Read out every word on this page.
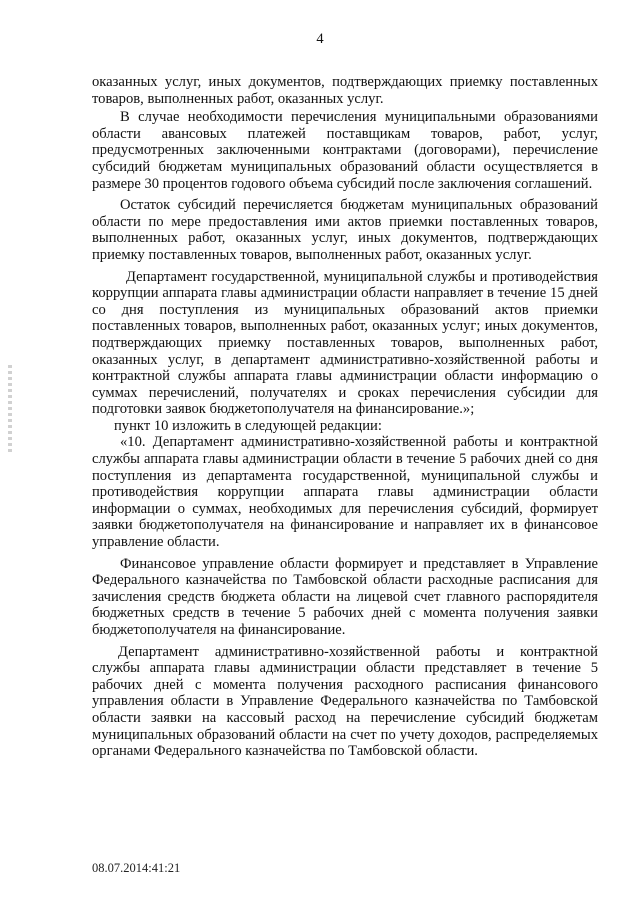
4

оказанных услуг, иных документов, подтверждающих приемку поставленных товаров, выполненных работ, оказанных услуг.

В случае необходимости перечисления муниципальными образованиями области авансовых платежей поставщикам товаров, работ, услуг, предусмотренных заключенными контрактами (договорами), перечисление субсидий бюджетам муниципальных образований области осуществляется в размере 30 процентов годового объема субсидий после заключения соглашений.

Остаток субсидий перечисляется бюджетам муниципальных образований области по мере предоставления ими актов приемки поставленных товаров, выполненных работ, оказанных услуг, иных документов, подтверждающих приемку поставленных товаров, выполненных работ, оказанных услуг.

Департамент государственной, муниципальной службы и противодействия коррупции аппарата главы администрации области направляет в течение 15 дней со дня поступления из муниципальных образований актов приемки поставленных товаров, выполненных работ, оказанных услуг; иных документов, подтверждающих приемку поставленных товаров, выполненных работ, оказанных услуг, в департамент административно-хозяйственной работы и контрактной службы аппарата главы администрации области информацию о суммах перечислений, получателях и сроках перечисления субсидии для подготовки заявок бюджетополучателя на финансирование.»;

пункт 10 изложить в следующей редакции:

«10. Департамент административно-хозяйственной работы и контрактной службы аппарата главы администрации области в течение 5 рабочих дней со дня поступления из департамента государственной, муниципальной службы и противодействия коррупции аппарата главы администрации области информации о суммах, необходимых для перечисления субсидий, формирует заявки бюджетополучателя на финансирование и направляет их в финансовое управление области.

Финансовое управление области формирует и представляет в Управление Федерального казначейства по Тамбовской области расходные расписания для зачисления средств бюджета области на лицевой счет главного распорядителя бюджетных средств в течение 5 рабочих дней с момента получения заявки бюджетополучателя на финансирование.

Департамент административно-хозяйственной работы и контрактной службы аппарата главы администрации области представляет в течение 5 рабочих дней с момента получения расходного расписания финансового управления области в Управление Федерального казначейства по Тамбовской области заявки на кассовый расход на перечисление субсидий бюджетам муниципальных образований области на счет по учету доходов, распределяемых органами Федерального казначейства по Тамбовской области.

08.07.2014:41:21
